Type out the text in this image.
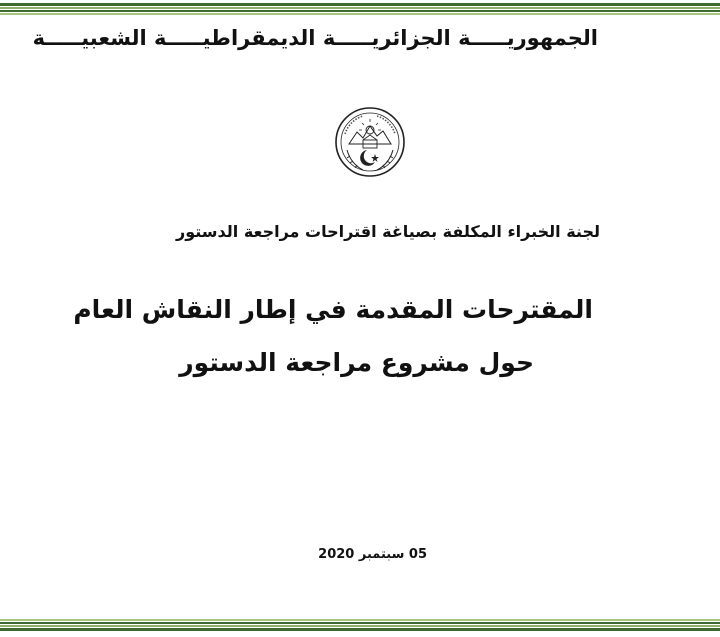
الجمهوريـــــة الجزائريـــــة الديمقراطيـــــة الشعبيـــــة
لجنة الخبراء المكلفة بصياغة اقتراحات مراجعة الدستور
المقترحات المقدمة في إطار النقاش العام
حول مشروع مراجعة الدستور
05 سبتمبر 2020
